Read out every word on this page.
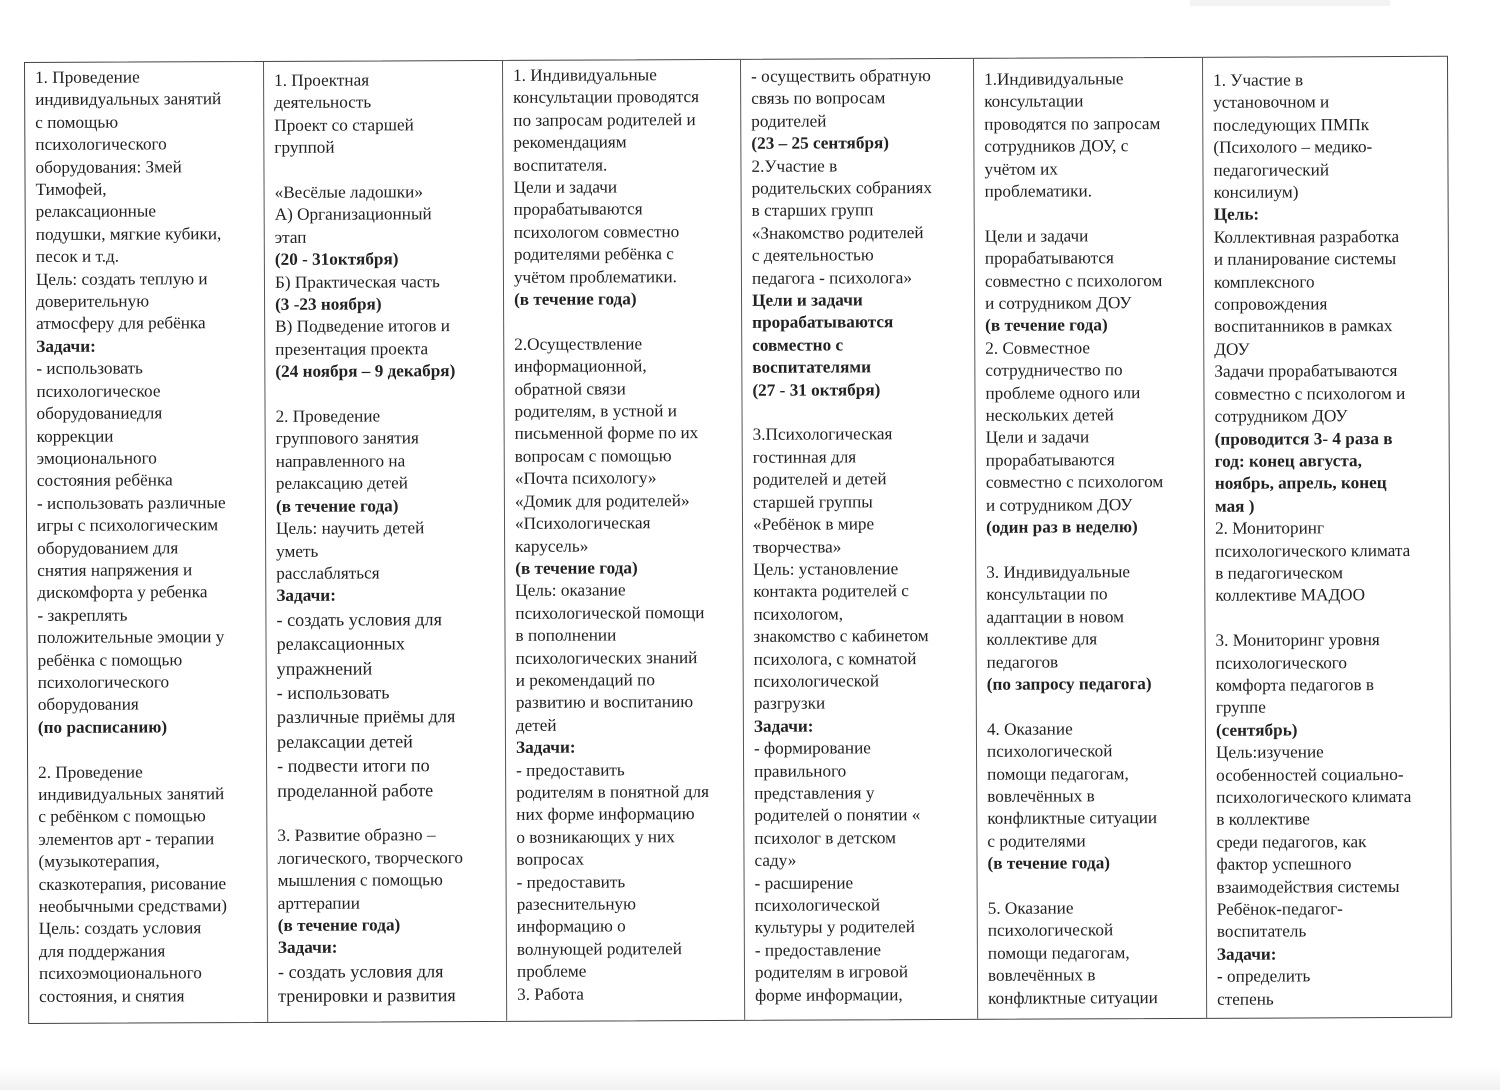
1. Проведение
индивидуальных занятий
с помощью
психологического
оборудования: Змей
Тимофей,
релаксационные
подушки, мягкие кубики,
песок и т.д.
Цель: создать теплую и
доверительную
атмосферу для ребёнка
Задачи:
- использовать
психологическое
оборудованиедля
коррекции
эмоционального
состояния ребёнка
- использовать различные
игры с психологическим
оборудованием для
снятия напряжения и
дискомфорта у ребенка
- закреплять
положительные эмоции у
ребёнка с помощью
психологического
оборудования
(по расписанию)
2. Проведение
индивидуальных занятий
с ребёнком с помощью
элементов арт - терапии
(музыкотерапия,
сказкотерапия, рисование
необычными средствами)
Цель: создать условия
для поддержания
психоэмоционального
состояния, и снятия
1. Проектная
деятельность
Проект со старшей
группой
«Весёлые ладошки»
А) Организационный
этап
(20 - 31октября)
Б) Практическая часть
(3 -23 ноября)
В) Подведение итогов и
презентация проекта
(24 ноября – 9 декабря)
2. Проведение
группового занятия
направленного на
релаксацию детей
(в течение года)
Цель: научить детей
уметь
расслабляться
Задачи:
- создать условия для
релаксационных
упражнений
- использовать
различные приёмы для
релаксации детей
- подвести итоги по
проделанной работе
3. Развитие образно –
логического, творческого
мышления с помощью
арттерапии
(в течение года)
Задачи:
- создать условия для
тренировки и развития
1. Индивидуальные
консультации проводятся
по запросам родителей и
рекомендациям
воспитателя.
Цели и задачи
прорабатываются
психологом совместно
родителями ребёнка с
учётом проблематики.
(в течение года)
2.Осуществление
информационной,
обратной связи
родителям, в устной и
письменной форме по их
вопросам с помощью
«Почта психологу»
«Домик для родителей»
«Психологическая
карусель»
(в течение года)
Цель: оказание
психологической помощи
в пополнении
психологических знаний
и рекомендаций по
развитию и воспитанию
детей
Задачи:
- предоставить
родителям в понятной для
них форме информацию
о возникающих у них
вопросах
- предоставить
разеснительную
информацию о
волнующей родителей
проблеме
3. Работа
- осуществить обратную
связь по вопросам
родителей
(23 – 25 сентября)
2.Участие в
родительских собраниях
в старших групп
«Знакомство родителей
с деятельностью
педагога - психолога»
Цели и задачи
прорабатываются
совместно с
воспитателями
(27 - 31 октября)
3.Психологическая
гостинная для
родителей и детей
старшей группы
«Ребёнок в мире
творчества»
Цель: установление
контакта родителей с
психологом,
знакомство с кабинетом
психолога, с комнатой
психологической
разгрузки
Задачи:
- формирование
правильного
представления у
родителей о понятии «
психолог в детском
саду»
- расширение
психологической
культуры у родителей
- предоставление
родителям в игровой
форме информации,
1.Индивидуальные
консультации
проводятся по запросам
сотрудников ДОУ, с
учётом их
проблематики.
Цели и задачи
прорабатываются
совместно с психологом
и сотрудником ДОУ
(в течение года)
2. Совместное
сотрудничество по
проблеме одного или
нескольких детей
Цели и задачи
прорабатываются
совместно с психологом
и сотрудником ДОУ
(один раз в неделю)
3. Индивидуальные
консультации по
адаптации в новом
коллективе для
педагогов
(по запросу педагога)
4. Оказание
психологической
помощи педагогам,
вовлечённых в
конфликтные ситуации
с родителями
(в течение года)
5. Оказание
психологической
помощи педагогам,
вовлечённых в
конфликтные ситуации
1. Участие в
установочном и
последующих ПМПк
(Психолого – медико-
педагогический
консилиум)
Цель:
Коллективная разработка
и планирование системы
комплексного
сопровождения
воспитанников в рамках
ДОУ
Задачи прорабатываются
совместно с психологом и
сотрудником ДОУ
(проводится 3- 4 раза в
год: конец августа,
ноябрь, апрель, конец
мая )
2. Мониторинг
психологического климата
в педагогическом
коллективе МАДОО
3. Мониторинг уровня
психологического
комфорта педагогов в
группе
(сентябрь)
Цель:изучение
особенностей социально-
психологического климата
в коллективе
среди педагогов, как
фактор успешного
взаимодействия системы
Ребёнок-педагог-
воспитатель
Задачи:
- определить
степень
